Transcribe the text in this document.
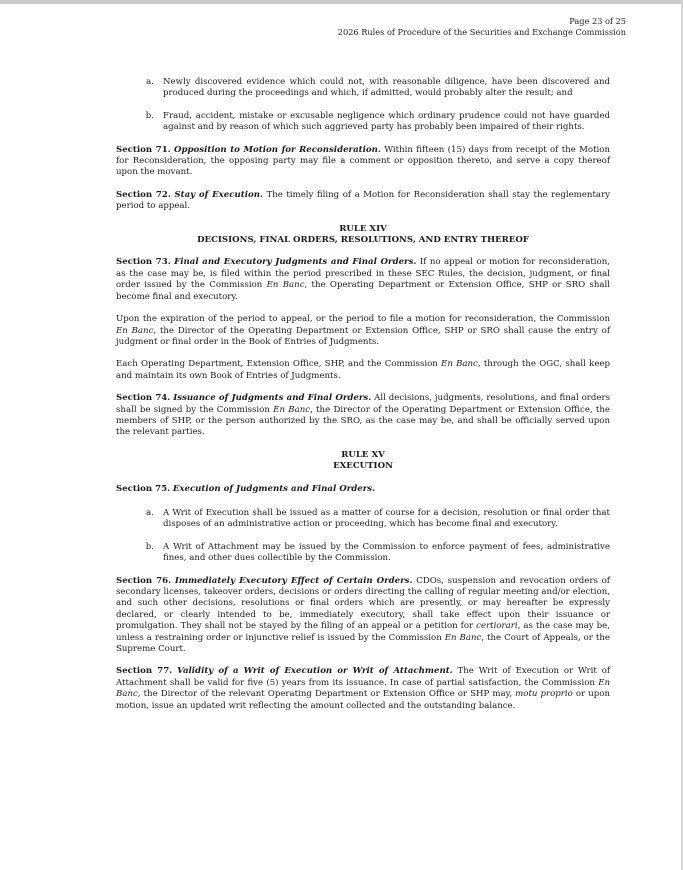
Page 23 of 25
2026 Rules of Procedure of the Securities and Exchange Commission
a.	Newly discovered evidence which could not, with reasonable diligence, have been discovered and produced during the proceedings and which, if admitted, would probably alter the result; and
b.	Fraud, accident, mistake or excusable negligence which ordinary prudence could not have guarded against and by reason of which such aggrieved party has probably been impaired of their rights.

Section 71. Opposition to Motion for Reconsideration. Within fifteen (15) days from receipt of the Motion for Reconsideration, the opposing party may file a comment or opposition thereto, and serve a copy thereof upon the movant.

Section 72. Stay of Execution. The timely filing of a Motion for Reconsideration shall stay the reglementary period to appeal.

RULE XIV
DECISIONS, FINAL ORDERS, RESOLUTIONS, AND ENTRY THEREOF

Section 73. Final and Executory Judgments and Final Orders. If no appeal or motion for reconsideration, as the case may be, is filed within the period prescribed in these SEC Rules, the decision, judgment, or final order issued by the Commission En Banc, the Operating Department or Extension Office, SHP or SRO shall become final and executory.

Upon the expiration of the period to appeal, or the period to file a motion for reconsideration, the Commission En Banc, the Director of the Operating Department or Extension Office, SHP or SRO shall cause the entry of judgment or final order in the Book of Entries of Judgments.

Each Operating Department, Extension Office, SHP, and the Commission En Banc, through the OGC, shall keep and maintain its own Book of Entries of Judgments.

Section 74. Issuance of Judgments and Final Orders. All decisions, judgments, resolutions, and final orders shall be signed by the Commission En Banc, the Director of the Operating Department or Extension Office, the members of SHP, or the person authorized by the SRO, as the case may be, and shall be officially served upon the relevant parties.

RULE XV
EXECUTION

Section 75. Execution of Judgments and Final Orders.

a.	A Writ of Execution shall be issued as a matter of course for a decision, resolution or final order that disposes of an administrative action or proceeding, which has become final and executory.
b.	A Writ of Attachment may be issued by the Commission to enforce payment of fees, administrative fines, and other dues collectible by the Commission.

Section 76. Immediately Executory Effect of Certain Orders. CDOs, suspension and revocation orders of secondary licenses, takeover orders, decisions or orders directing the calling of regular meeting and/or election, and such other decisions, resolutions or final orders which are presently, or may hereafter be expressly declared, or clearly intended to be, immediately executory, shall take effect upon their issuance or promulgation. They shall not be stayed by the filing of an appeal or a petition for certiorari, as the case may be, unless a restraining order or injunctive relief is issued by the Commission En Banc, the Court of Appeals, or the Supreme Court.

Section 77. Validity of a Writ of Execution or Writ of Attachment. The Writ of Execution or Writ of Attachment shall be valid for five (5) years from its issuance. In case of partial satisfaction, the Commission En Banc, the Director of the relevant Operating Department or Extension Office or SHP may, motu proprio or upon motion, issue an updated writ reflecting the amount collected and the outstanding balance.
